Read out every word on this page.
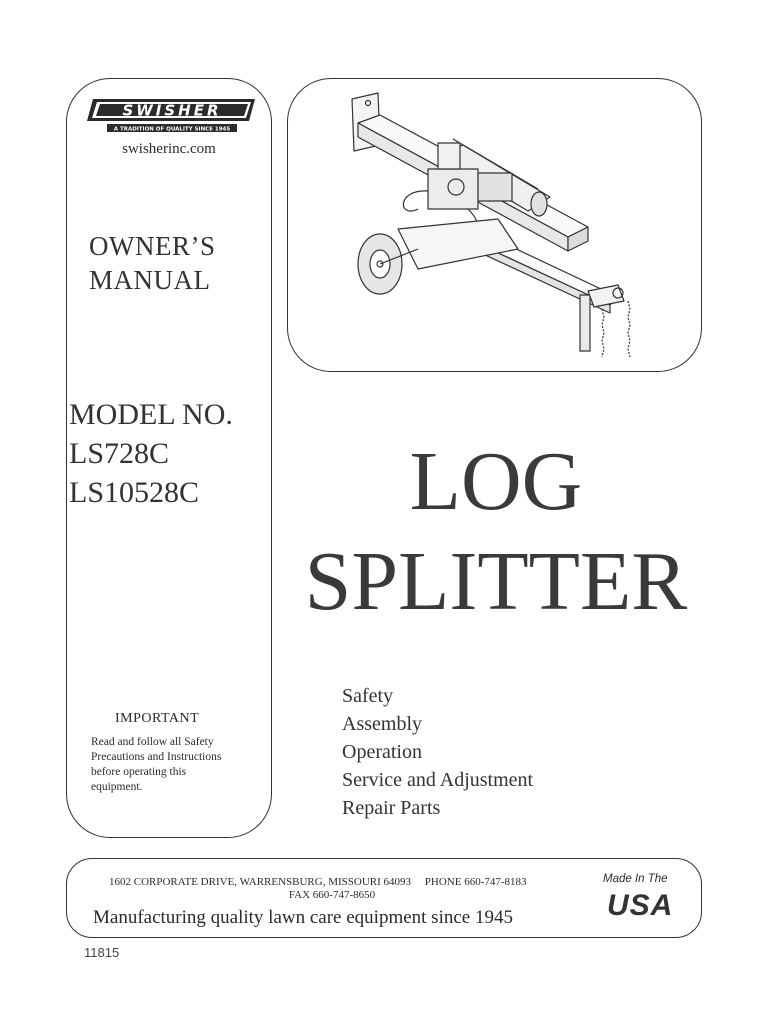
SWISHER
A TRADITION OF QUALITY SINCE 1945
swisherinc.com
OWNER’S
MANUAL
MODEL NO.
LS728C
LS10528C
IMPORTANT
Read and follow all Safety
Precautions and Instructions
before operating this
equipment.
LOG
SPLITTER
Safety
Assembly
Operation
Service and Adjustment
Repair Parts
1602 CORPORATE DRIVE, WARRENSBURG, MISSOURI 64093     PHONE 660-747-8183
FAX 660-747-8650
Manufacturing quality lawn care equipment since 1945
Made In The
USA
11815
